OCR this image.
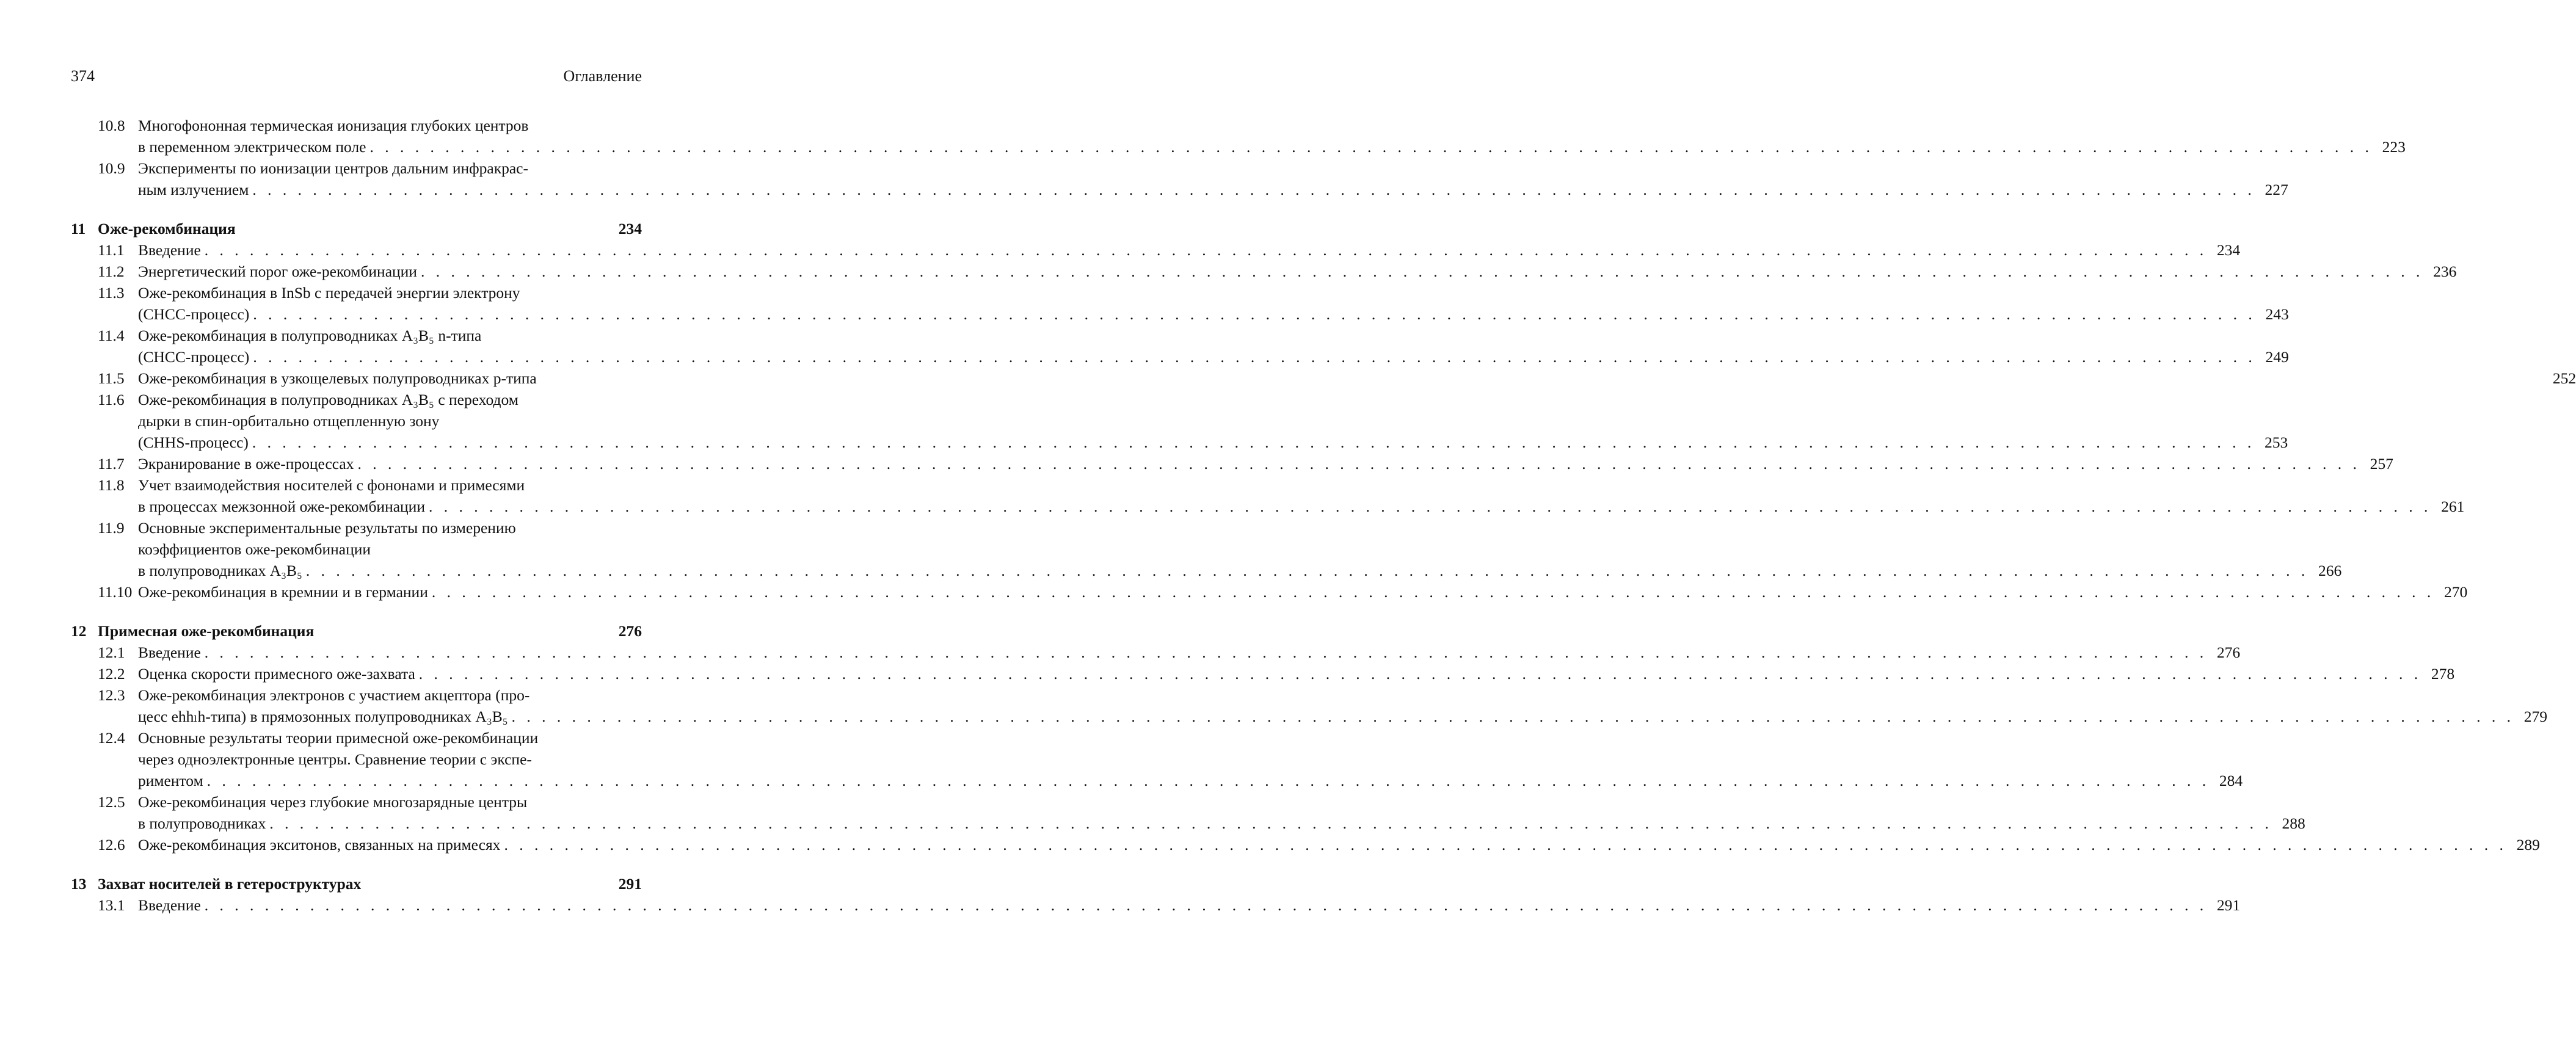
374	Оглавление
10.8 Многофононная термическая ионизация глубоких центров
в переменном электрическом поле . . .	223
10.9 Эксперименты по ионизации центров дальним инфракрас-
ным излучением . . .	227
11 Оже-рекомбинация	234
11.1 Введение . . .	234
11.2 Энергетический порог оже-рекомбинации . . .	236
11.3 Оже-рекомбинация в InSb с передачей энергии электрону
(CHCC-процесс) . . .	243
11.4 Оже-рекомбинация в полупроводниках A₃B₅ n-типа
(CHCC-процесс) . . .	249
11.5 Оже-рекомбинация в узкощелевых полупроводниках p-типа	252
11.6 Оже-рекомбинация в полупроводниках A₃B₅ с переходом
дырки в спин-орбитально отщепленную зону
(CHHS-процесс) . . .	253
11.7 Экранирование в оже-процессах . . .	257
11.8 Учет взаимодействия носителей с фононами и примесями
в процессах межзонной оже-рекомбинации . . .	261
11.9 Основные экспериментальные результаты по измерению
коэффициентов оже-рекомбинации
в полупроводниках A₃B₅ . . .	266
11.10 Оже-рекомбинация в кремнии и в германии . . .	270
12 Примесная оже-рекомбинация	276
12.1 Введение . . .	276
12.2 Оценка скорости примесного оже-захвата . . .	278
12.3 Оже-рекомбинация электронов с участием акцептора (про-
цесс ehhₗh-типа) в прямозонных полупроводниках A₃B₅ . . .	279
12.4 Основные результаты теории примесной оже-рекомбинации
через одноэлектронные центры. Сравнение теории с экспе-
риментом . . .	284
12.5 Оже-рекомбинация через глубокие многозарядные центры
в полупроводниках . . .	288
12.6 Оже-рекомбинация экситонов, связанных на примесях . . .	289
13 Захват носителей в гетероструктурах	291
13.1 Введение . . .	291
